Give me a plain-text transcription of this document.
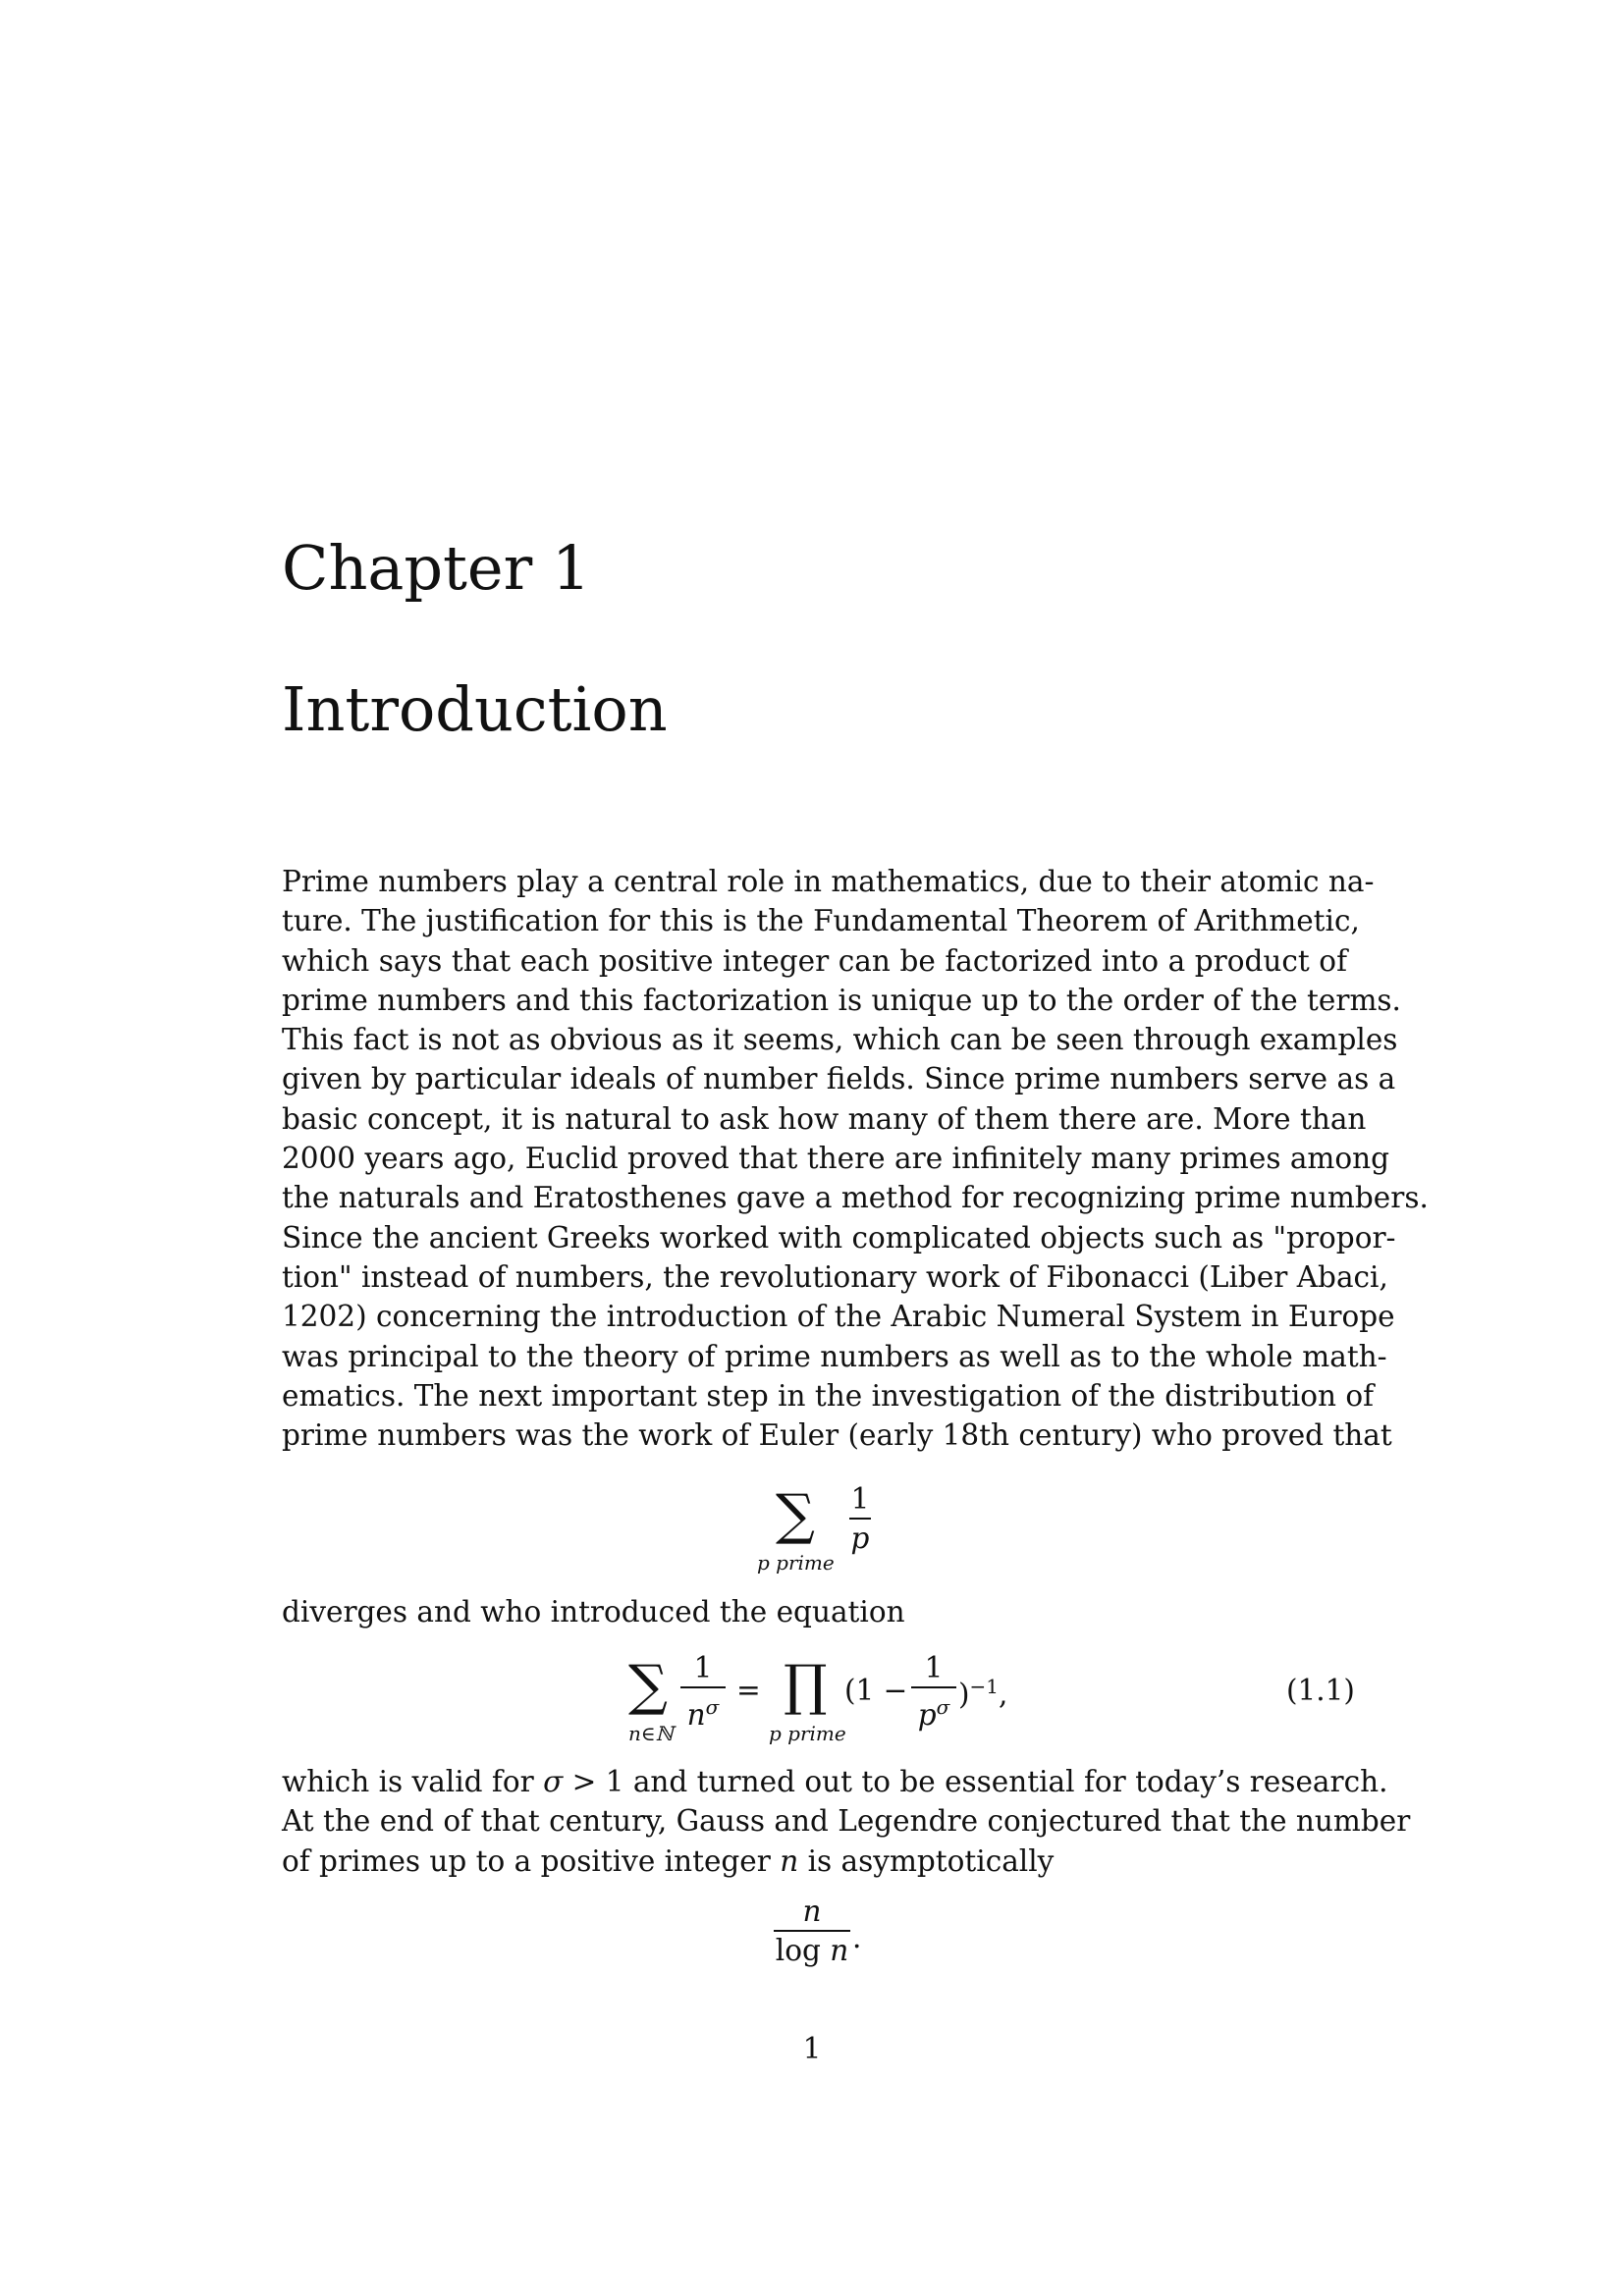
Chapter 1
Introduction

Prime numbers play a central role in mathematics, due to their atomic na-
ture. The justification for this is the Fundamental Theorem of Arithmetic,
which says that each positive integer can be factorized into a product of
prime numbers and this factorization is unique up to the order of the terms.
This fact is not as obvious as it seems, which can be seen through examples
given by particular ideals of number fields. Since prime numbers serve as a
basic concept, it is natural to ask how many of them there are. More than
2000 years ago, Euclid proved that there are infinitely many primes among
the naturals and Eratosthenes gave a method for recognizing prime numbers.
Since the ancient Greeks worked with complicated objects such as "propor-
tion" instead of numbers, the revolutionary work of Fibonacci (Liber Abaci,
1202) concerning the introduction of the Arabic Numeral System in Europe
was principal to the theory of prime numbers as well as to the whole math-
ematics. The next important step in the investigation of the distribution of
prime numbers was the work of Euler (early 18th century) who proved that

∑
p prime
1
p

diverges and who introduced the equation

∑
n∈ℕ
1
$n^\sigma$ = ∏
p prime
(1 −
1
$p^\sigma$ )$^{-1}$,	(1.1)

which is valid for σ > 1 and turned out to be essential for today’s research.
At the end of that century, Gauss and Legendre conjectured that the number
of primes up to a positive integer n is asymptotically

n
log n .
1
